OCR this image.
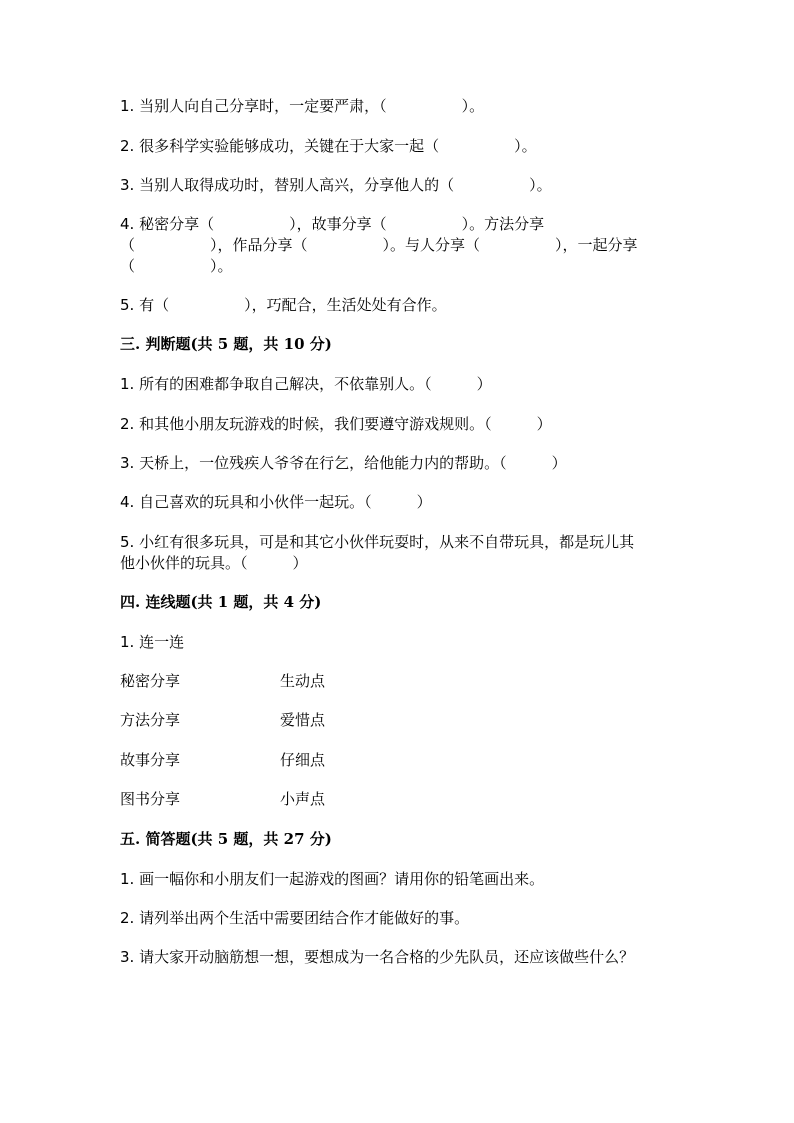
1. 当别人向自己分享时，一定要严肃，（　　　　　）。
2. 很多科学实验能够成功，关键在于大家一起（　　　　　）。
3. 当别人取得成功时，替别人高兴，分享他人的（　　　　　）。
4. 秘密分享（　　　　　），故事分享（　　　　　）。方法分享
（　　　　　），作品分享（　　　　　）。与人分享（　　　　　），一起分享
（　　　　　）。
5. 有（　　　　　），巧配合，生活处处有合作。
三. 判断题(共 5 题，共 10 分)
1. 所有的困难都争取自己解决，不依靠别人。（　　　）
2. 和其他小朋友玩游戏的时候，我们要遵守游戏规则。（　　　）
3. 天桥上，一位残疾人爷爷在行乞，给他能力内的帮助。（　　　）
4. 自己喜欢的玩具和小伙伴一起玩。（　　　）
5. 小红有很多玩具，可是和其它小伙伴玩耍时，从来不自带玩具，都是玩儿其
他小伙伴的玩具。（　　　）
四. 连线题(共 1 题，共 4 分)
1. 连一连
秘密分享	生动点
方法分享	爱惜点
故事分享	仔细点
图书分享	小声点
五. 简答题(共 5 题，共 27 分)
1. 画一幅你和小朋友们一起游戏的图画？请用你的铅笔画出来。
2. 请列举出两个生活中需要团结合作才能做好的事。
3. 请大家开动脑筋想一想，要想成为一名合格的少先队员，还应该做些什么？
